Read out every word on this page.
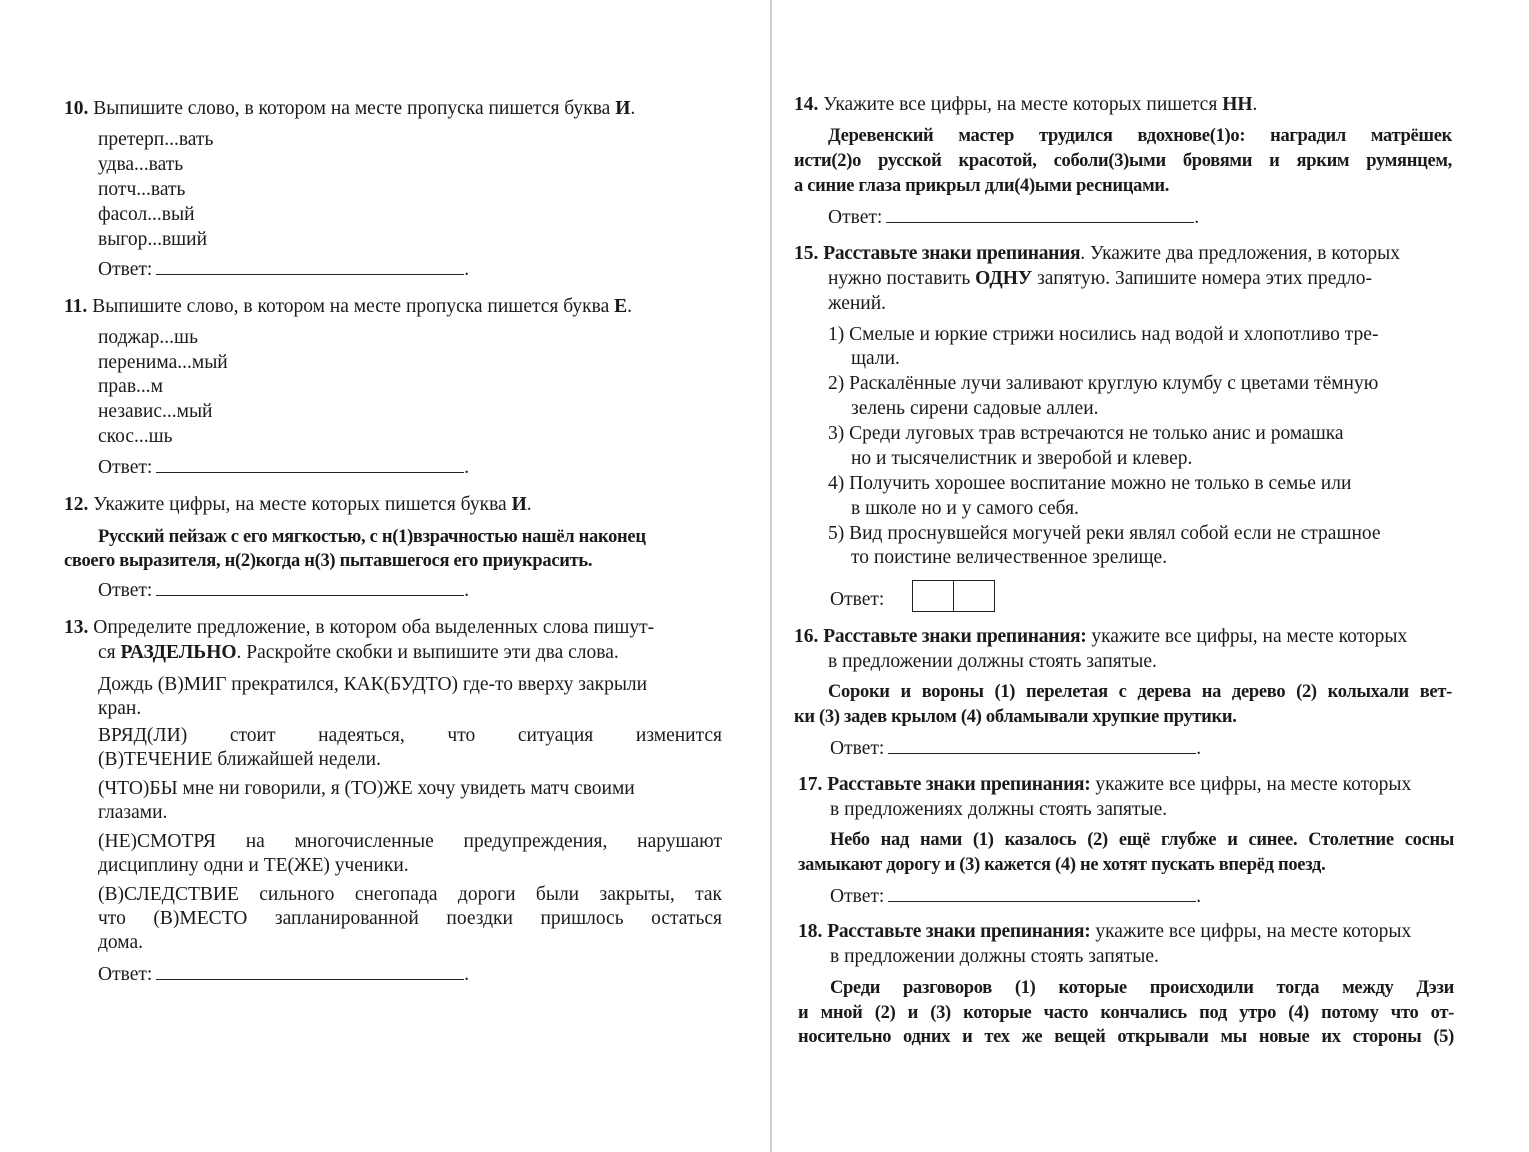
10. Выпишите слово, в котором на месте пропуска пишется буква И.
претерп...вать
удва...вать
потч...вать
фасол...вый
выгор...вший
Ответ:	.
11. Выпишите слово, в котором на месте пропуска пишется буква Е.
поджар...шь
перенима...мый
прав...м
независ...мый
скос...шь
Ответ:	.
12. Укажите цифры, на месте которых пишется буква И.
Русский пейзаж с его мягкостью, с н(1)взрачностью нашёл наконец
своего выразителя, н(2)когда н(3) пытавшегося его приукрасить.
Ответ:	.
13. Определите предложение, в котором оба выделенных слова пишут-
ся РАЗДЕЛЬНО. Раскройте скобки и выпишите эти два слова.
Дождь (В)МИГ прекратился, КАК(БУДТО) где-то вверху закрыли
кран.
ВРЯД(ЛИ) стоит надеяться, что ситуация изменится
(В)ТЕЧЕНИЕ ближайшей недели.
(ЧТО)БЫ мне ни говорили, я (ТО)ЖЕ хочу увидеть матч своими
глазами.
(НЕ)СМОТРЯ на многочисленные предупреждения, нарушают
дисциплину одни и ТЕ(ЖЕ) ученики.
(В)СЛЕДСТВИЕ сильного снегопада дороги были закрыты, так
что (В)МЕСТО запланированной поездки пришлось остаться
дома.
Ответ:	.
14. Укажите все цифры, на месте которых пишется НН.
Деревенский мастер трудился вдохнове(1)о: наградил матрёшек
исти(2)о русской красотой, соболи(3)ыми бровями и ярким румянцем,
а синие глаза прикрыл дли(4)ыми ресницами.
Ответ:	.
15. Расставьте знаки препинания. Укажите два предложения, в которых
нужно поставить ОДНУ запятую. Запишите номера этих предло-
жений.
1) Смелые и юркие стрижи носились над водой и хлопотливо тре-
щали.
2) Раскалённые лучи заливают круглую клумбу с цветами тёмную
зелень сирени садовые аллеи.
3) Среди луговых трав встречаются не только анис и ромашка
но и тысячелистник и зверобой и клевер.
4) Получить хорошее воспитание можно не только в семье или
в школе но и у самого себя.
5) Вид проснувшейся могучей реки являл собой если не страшное
то поистине величественное зрелище.
Ответ:
16. Расставьте знаки препинания: укажите все цифры, на месте которых
в предложении должны стоять запятые.
Сороки и вороны (1) перелетая с дерева на дерево (2) колыхали вет-
ки (3) задев крылом (4) обламывали хрупкие прутики.
Ответ:	.
17. Расставьте знаки препинания: укажите все цифры, на месте которых
в предложениях должны стоять запятые.
Небо над нами (1) казалось (2) ещё глубже и синее. Столетние сосны
замыкают дорогу и (3) кажется (4) не хотят пускать вперёд поезд.
Ответ:	.
18. Расставьте знаки препинания: укажите все цифры, на месте которых
в предложении должны стоять запятые.
Среди разговоров (1) которые происходили тогда между Дэзи
и мной (2) и (3) которые часто кончались под утро (4) потому что от-
носительно одних и тех же вещей открывали мы новые их стороны (5)
